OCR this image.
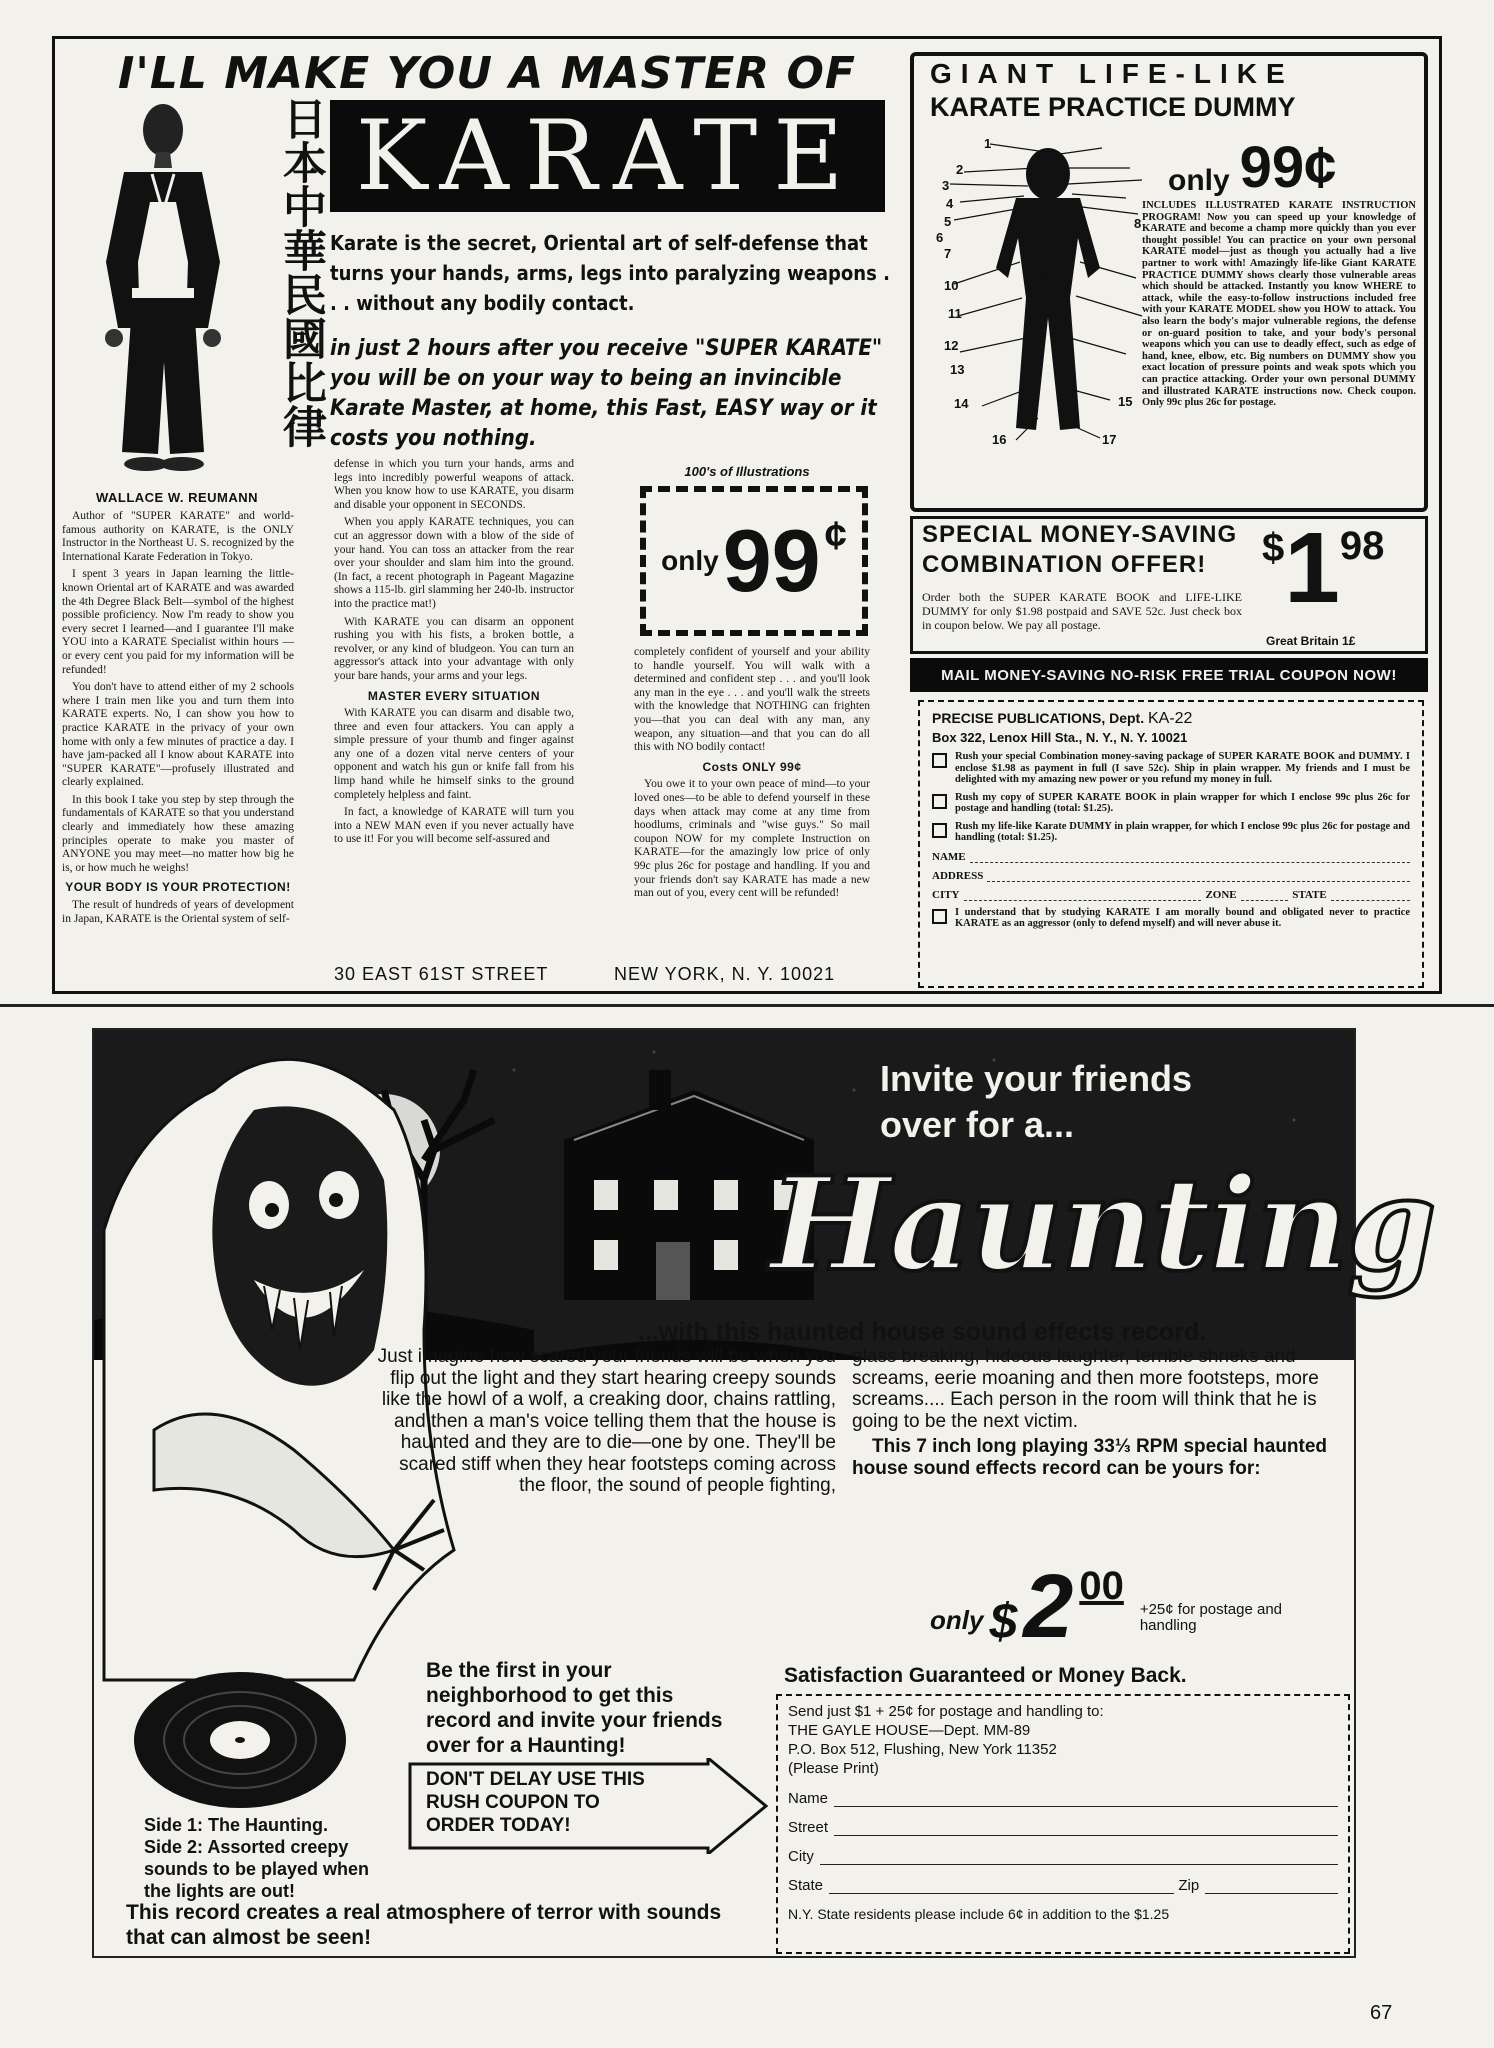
I'LL MAKE YOU A MASTER OF
日本中華民國比律 KARATE
Karate is the secret, Oriental art of self-defense that turns your hands, arms, legs into paralyzing weapons . . . without any bodily contact.
in just 2 hours after you receive "SUPER KARATE" you will be on your way to being an invincible Karate Master, at home, this Fast, EASY way or it costs you nothing.
WALLACE W. REUMANN

Author of "SUPER KARATE" and world-famous authority on KARATE, is the ONLY Instructor in the Northeast U. S. recognized by the International Karate Federation in Tokyo.

I spent 3 years in Japan learning the little-known Oriental art of KARATE and was awarded the 4th Degree Black Belt—symbol of the highest possible proficiency. Now I'm ready to show you every secret I learned—and I guarantee I'll make YOU into a KARATE Specialist within hours —or every cent you paid for my information will be refunded!

You don't have to attend either of my 2 schools where I train men like you and turn them into KARATE experts. No, I can show you how to practice KARATE in the privacy of your own home with only a few minutes of practice a day. I have jam-packed all I know about KARATE into "SUPER KARATE"—profusely illustrated and clearly explained.

In this book I take you step by step through the fundamentals of KARATE so that you understand clearly and immediately how these amazing principles operate to make you master of ANYONE you may meet—no matter how big he is, or how much he weighs!

YOUR BODY IS YOUR PROTECTION!

The result of hundreds of years of development in Japan, KARATE is the Oriental system of self-

defense in which you turn your hands, arms and legs into incredibly powerful weapons of attack. When you know how to use KARATE, you disarm and disable your opponent in SECONDS.

When you apply KARATE techniques, you can cut an aggressor down with a blow of the side of your hand. You can toss an attacker from the rear over your shoulder and slam him into the ground. (In fact, a recent photograph in Pageant Magazine shows a 115-lb. girl slamming her 240-lb. instructor into the practice mat!)

With KARATE you can disarm an opponent rushing you with his fists, a broken bottle, a revolver, or any kind of bludgeon. You can turn an aggressor's attack into your advantage with only your bare hands, your arms and your legs.

MASTER EVERY SITUATION

With KARATE you can disarm and disable two, three and even four attackers. You can apply a simple pressure of your thumb and finger against any one of a dozen vital nerve centers of your opponent and watch his gun or knife fall from his limp hand while he himself sinks to the ground completely helpless and faint.

In fact, a knowledge of KARATE will turn you into a NEW MAN even if you never actually have to use it! For you will become self-assured and

100's of Illustrations
only 99 ¢

completely confident of yourself and your ability to handle yourself. You will walk with a determined and confident step . . . and you'll look any man in the eye . . . and you'll walk the streets with the knowledge that NOTHING can frighten you—that you can deal with any man, any weapon, any situation—and that you can do all this with NO bodily contact!

Costs ONLY 99¢

You owe it to your own peace of mind—to your loved ones—to be able to defend yourself in these days when attack may come at any time from hoodlums, criminals and "wise guys." So mail coupon NOW for my complete Instruction on KARATE—for the amazingly low price of only 99c plus 26c for postage and handling. If you and your friends don't say KARATE has made a new man out of you, every cent will be refunded!

30 EAST 61ST STREET	NEW YORK, N. Y. 10021
GIANT LIFE-LIKE
KARATE PRACTICE DUMMY
1
2
3
4
5
6
7
8
9
10
11
12
13
14	15
16	17
only 99¢
INCLUDES ILLUSTRATED KARATE INSTRUCTION PROGRAM! Now you can speed up your knowledge of KARATE and become a champ more quickly than you ever thought possible! You can practice on your own personal KARATE model—just as though you actually had a live partner to work with! Amazingly life-like Giant KARATE PRACTICE DUMMY shows clearly those vulnerable areas which should be attacked. Instantly you know WHERE to attack, while the easy-to-follow instructions included free with your KARATE MODEL show you HOW to attack. You also learn the body's major vulnerable regions, the defense or on-guard position to take, and your body's personal weapons which you can use to deadly effect, such as edge of hand, knee, elbow, etc. Big numbers on DUMMY show you exact location of pressure points and weak spots which you can practice attacking. Order your own personal DUMMY and illustrated KARATE instructions now. Check coupon. Only 99c plus 26c for postage.
SPECIAL MONEY-SAVING COMBINATION OFFER!	$ 1 98
Order both the SUPER KARATE BOOK and LIFE-LIKE DUMMY for only $1.98 postpaid and SAVE 52c. Just check box in coupon below. We pay all postage.
Great Britain 1£
MAIL MONEY-SAVING NO-RISK FREE TRIAL COUPON NOW!
PRECISE PUBLICATIONS, Dept. KA-22
Box 322, Lenox Hill Sta., N. Y., N. Y. 10021
Rush your special Combination money-saving package of SUPER KARATE BOOK and DUMMY. I enclose $1.98 as payment in full (I save 52c). Ship in plain wrapper. My friends and I must be delighted with my amazing new power or you refund my money in full.
Rush my copy of SUPER KARATE BOOK in plain wrapper for which I enclose 99c plus 26c for postage and handling (total: $1.25).
Rush my life-like Karate DUMMY in plain wrapper, for which I enclose 99c plus 26c for postage and handling (total: $1.25).
NAME
ADDRESS
CITY	ZONE	STATE
I understand that by studying KARATE I am morally bound and obligated never to practice KARATE as an aggressor (only to defend myself) and will never abuse it.
Invite your friends
over for a...
Haunting
...with this haunted house sound effects record.
Just imagine how scared your friends will be when you flip out the light and they start hearing creepy sounds like the howl of a wolf, a creaking door, chains rattling, and then a man's voice telling them that the house is haunted and they are to die—one by one. They'll be scared stiff when they hear footsteps coming across the floor, the sound of people fighting,
glass breaking, hideous laughter, terrible shrieks and screams, eerie moaning and then more footsteps, more screams.... Each person in the room will think that he is going to be the next victim.
This 7 inch long playing 33⅓ RPM special haunted house sound effects record can be yours for:
only $ 2 00
+25¢ for postage and handling
Be the first in your neighborhood to get this record and invite your friends over for a Haunting!
DON'T DELAY USE THIS RUSH COUPON TO ORDER TODAY!
Side 1: The Haunting.
Side 2: Assorted creepy sounds to be played when the lights are out!
This record creates a real atmosphere of terror with sounds that can almost be seen!
Satisfaction Guaranteed or Money Back.
Send just $1 + 25¢ for postage and handling to:
THE GAYLE HOUSE—Dept. MM-89
P.O. Box 512, Flushing, New York 11352
(Please Print)
Name
Street
City
State	Zip
N.Y. State residents please include 6¢ in addition to the $1.25
67
